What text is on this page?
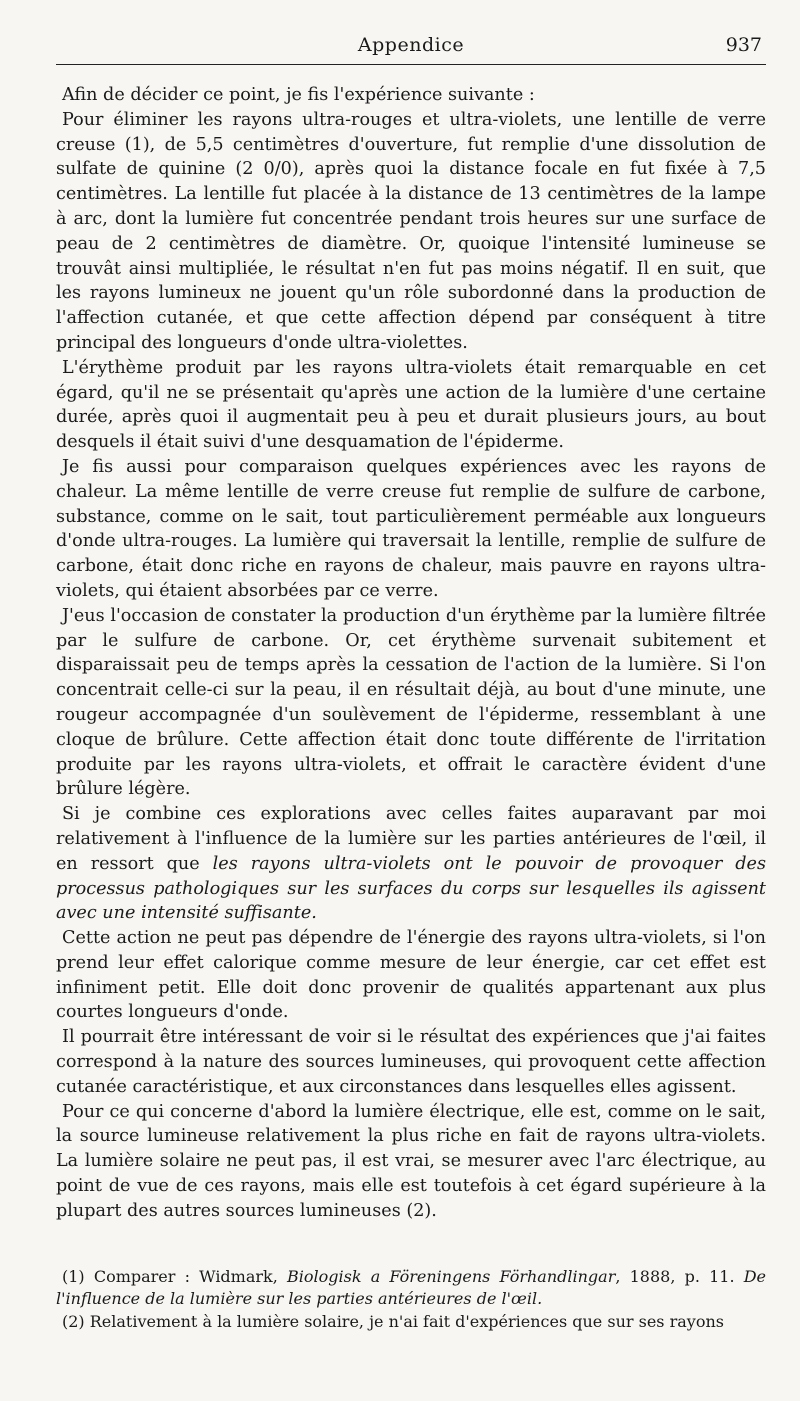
Appendice	937

Afin de décider ce point, je fis l'expérience suivante :

Pour éliminer les rayons ultra-rouges et ultra-violets, une lentille de verre creuse (1), de 5,5 centimètres d'ouverture, fut remplie d'une dissolution de sulfate de quinine (2 0/0), après quoi la distance focale en fut fixée à 7,5 centimètres. La lentille fut placée à la distance de 13 centimètres de la lampe à arc, dont la lumière fut concentrée pendant trois heures sur une surface de peau de 2 centimètres de diamètre. Or, quoique l'intensité lumineuse se trouvât ainsi multipliée, le résultat n'en fut pas moins négatif. Il en suit, que les rayons lumineux ne jouent qu'un rôle subordonné dans la production de l'affection cutanée, et que cette affection dépend par conséquent à titre principal des longueurs d'onde ultra-violettes.

L'érythème produit par les rayons ultra-violets était remarquable en cet égard, qu'il ne se présentait qu'après une action de la lumière d'une certaine durée, après quoi il augmentait peu à peu et durait plusieurs jours, au bout desquels il était suivi d'une desquamation de l'épiderme.

Je fis aussi pour comparaison quelques expériences avec les rayons de chaleur. La même lentille de verre creuse fut remplie de sulfure de carbone, substance, comme on le sait, tout particulièrement perméable aux longueurs d'onde ultra-rouges. La lumière qui traversait la lentille, remplie de sulfure de carbone, était donc riche en rayons de chaleur, mais pauvre en rayons ultra-violets, qui étaient absorbées par ce verre.

J'eus l'occasion de constater la production d'un érythème par la lumière filtrée par le sulfure de carbone. Or, cet érythème survenait subitement et disparaissait peu de temps après la cessation de l'action de la lumière. Si l'on concentrait celle-ci sur la peau, il en résultait déjà, au bout d'une minute, une rougeur accompagnée d'un soulèvement de l'épiderme, ressemblant à une cloque de brûlure. Cette affection était donc toute différente de l'irritation produite par les rayons ultra-violets, et offrait le caractère évident d'une brûlure légère.

Si je combine ces explorations avec celles faites auparavant par moi relativement à l'influence de la lumière sur les parties antérieures de l'œil, il en ressort que les rayons ultra-violets ont le pouvoir de provoquer des processus pathologiques sur les surfaces du corps sur lesquelles ils agissent avec une intensité suffisante.

Cette action ne peut pas dépendre de l'énergie des rayons ultra-violets, si l'on prend leur effet calorique comme mesure de leur énergie, car cet effet est infiniment petit. Elle doit donc provenir de qualités appartenant aux plus courtes longueurs d'onde.

Il pourrait être intéressant de voir si le résultat des expériences que j'ai faites correspond à la nature des sources lumineuses, qui provoquent cette affection cutanée caractéristique, et aux circonstances dans lesquelles elles agissent.

Pour ce qui concerne d'abord la lumière électrique, elle est, comme on le sait, la source lumineuse relativement la plus riche en fait de rayons ultra-violets. La lumière solaire ne peut pas, il est vrai, se mesurer avec l'arc électrique, au point de vue de ces rayons, mais elle est toutefois à cet égard supérieure à la plupart des autres sources lumineuses (2).

(1) Comparer : Widmark, Biologisk a Föreningens Förhandlingar, 1888, p. 11. De l'influence de la lumière sur les parties antérieures de l'œil.

(2) Relativement à la lumière solaire, je n'ai fait d'expériences que sur ses rayons
